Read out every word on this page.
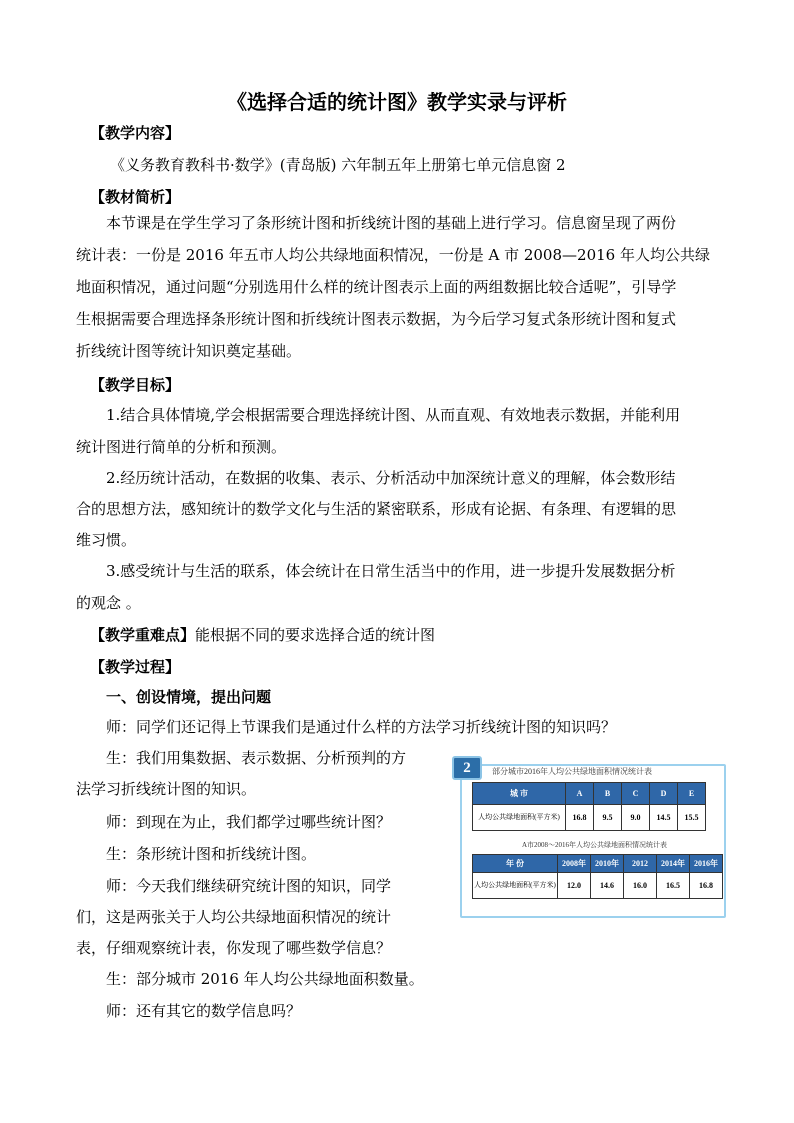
《选择合适的统计图》教学实录与评析
【教学内容】
《义务教育教科书·数学》(青岛版) 六年制五年上册第七单元信息窗 2
【教材简析】
本节课是在学生学习了条形统计图和折线统计图的基础上进行学习。信息窗呈现了两份
统计表：一份是 2016 年五市人均公共绿地面积情况，一份是 A 市 2008—2016 年人均公共绿
地面积情况，通过问题“分别选用什么样的统计图表示上面的两组数据比较合适呢”，引导学
生根据需要合理选择条形统计图和折线统计图表示数据，为今后学习复式条形统计图和复式
折线统计图等统计知识奠定基础。
【教学目标】
1.结合具体情境,学会根据需要合理选择统计图、从而直观、有效地表示数据，并能利用
统计图进行简单的分析和预测。
2.经历统计活动，在数据的收集、表示、分析活动中加深统计意义的理解，体会数形结
合的思想方法，感知统计的数学文化与生活的紧密联系，形成有论据、有条理、有逻辑的思
维习惯。
3.感受统计与生活的联系，体会统计在日常生活当中的作用，进一步提升发展数据分析
的观念 。
【教学重难点】能根据不同的要求选择合适的统计图
【教学过程】
一、创设情境，提出问题
师：同学们还记得上节课我们是通过什么样的方法学习折线统计图的知识吗？
生：我们用集数据、表示数据、分析预判的方
法学习折线统计图的知识。
师：到现在为止，我们都学过哪些统计图？
生：条形统计图和折线统计图。
师：今天我们继续研究统计图的知识，同学
们，这是两张关于人均公共绿地面积情况的统计
表，仔细观察统计表，你发现了哪些数学信息？
生：部分城市 2016 年人均公共绿地面积数量。
师：还有其它的数学信息吗？
2	部分城市2016年人均公共绿地面积情况统计表
城 市	A	B	C	D	E
人均公共绿地面积(平方米)	16.8	9.5	9.0	14.5	15.5
A市2008～2016年人均公共绿地面积情况统计表
年 份	2008年	2010年	2012	2014年	2016年
人均公共绿地面积(平方米)	12.0	14.6	16.0	16.5	16.8
